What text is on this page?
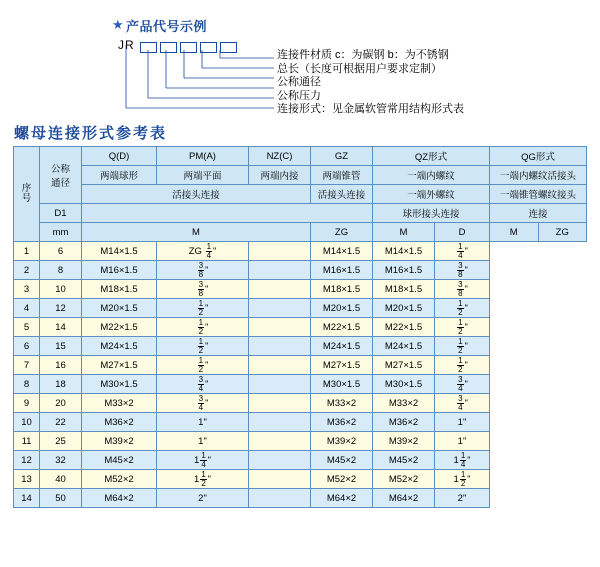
★ 产品代号示例
JR
连接件材质 c：为碳钢 b：为不锈钢
总长（长度可根据用户要求定制）
公称通径
公称压力
连接形式：见金属软管常用结构形式表
螺母连接形式参考表
序
号	公称
通径	Q(D)	PM(A)	NZ(C)	GZ	QZ形式		QG形式	
		两端球形	两端平面	两端内接	两端锥管	一端内螺纹		一端内螺纹活接头	
		活接头连接			活接头连接	一端外螺纹		一端锥管螺纹接头	
	D1					球形接头连接		连接	
	mm	M			ZG	M	D	M	ZG
1	6	M14×1.5	ZG $\frac{1}{4}$ "		M14×1.5	M14×1.5	$\frac{1}{4}$ "		
2	8	M16×1.5	$\frac{3}{8}$ "		M16×1.5	M16×1.5	$\frac{3}{8}$ "		
3	10	M18×1.5	$\frac{3}{8}$ "		M18×1.5	M18×1.5	$\frac{3}{8}$ "		
4	12	M20×1.5	$\frac{1}{2}$ "		M20×1.5	M20×1.5	$\frac{1}{2}$ "		
5	14	M22×1.5	$\frac{1}{2}$ "		M22×1.5	M22×1.5	$\frac{1}{2}$ "		
6	15	M24×1.5	$\frac{1}{2}$ "		M24×1.5	M24×1.5	$\frac{1}{2}$ "		
7	16	M27×1.5	$\frac{1}{2}$ "		M27×1.5	M27×1.5	$\frac{1}{2}$ "		
8	18	M30×1.5	$\frac{3}{4}$ "		M30×1.5	M30×1.5	$\frac{3}{4}$ "		
9	20	M33×2	$\frac{3}{4}$ "		M33×2	M33×2	$\frac{3}{4}$ "		
10	22	M36×2	1"		M36×2	M36×2	1"		
11	25	M39×2	1"		M39×2	M39×2	1"		
12	32	M45×2	$1 \frac{1}{4}$ "		M45×2	M45×2	$1 \frac{1}{4}$ "		
13	40	M52×2	$1 \frac{1}{2}$ "		M52×2	M52×2	$1 \frac{1}{2}$ "		
14	50	M64×2	2"		M64×2	M64×2	2"		
